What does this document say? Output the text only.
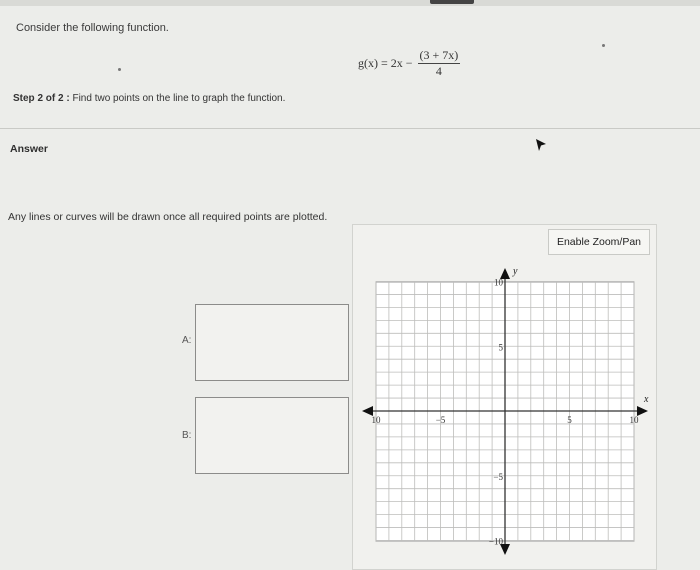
Consider the following function.
$g(x) = 2x - \frac{(3 + 7x)}{4}$
Step 2 of 2 : Find two points on the line to graph the function.
Answer
Any lines or curves will be drawn once all required points are plotted.
Enable Zoom/Pan
A:
B:
x
y
10	−5	5	10
10
5
−5
−10
